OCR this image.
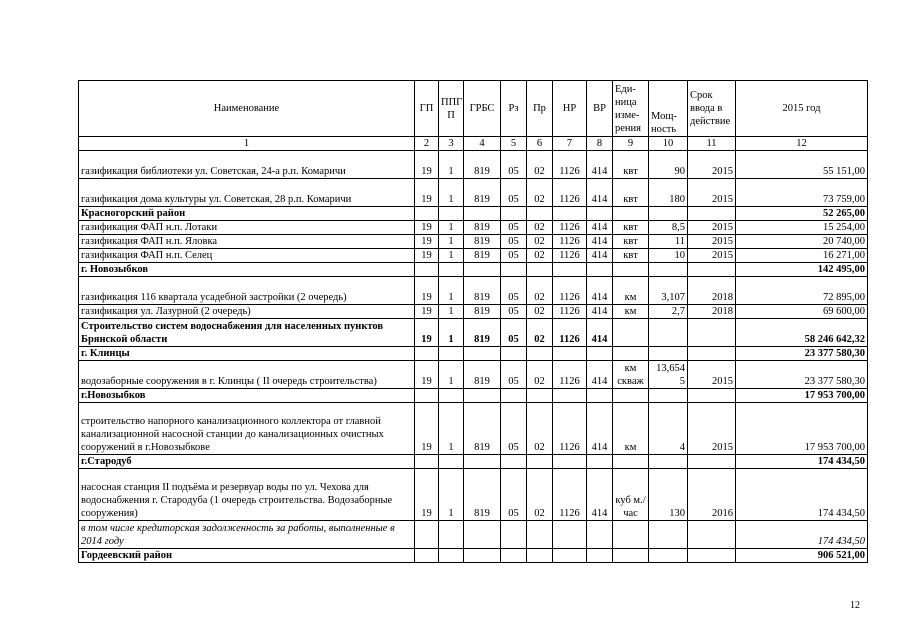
Наименование	ГП	ППГ П	ГРБС	Рз	Пр	НР	ВР	Еди-ница изме-рения	Мощ-ность	Срок ввода в действие	2015 год
1	2	3	4	5	6	7	8	9	10	11	12
газификация библиотеки ул. Советская, 24-а р.п. Комаричи	19	1	819	05	02	1126	414	квт	90	2015	55 151,00
газификация дома культуры ул. Советская, 28 р.п. Комаричи	19	1	819	05	02	1126	414	квт	180	2015	73 759,00
Красногорский район											52 265,00
газификация ФАП н.п. Лотаки	19	1	819	05	02	1126	414	квт	8,5	2015	15 254,00
газификация ФАП н.п. Яловка	19	1	819	05	02	1126	414	квт	11	2015	20 740,00
газификация ФАП н.п. Селец	19	1	819	05	02	1126	414	квт	10	2015	16 271,00
г. Новозыбков											142 495,00
газификация 116 квартала усадебной застройки (2 очередь)	19	1	819	05	02	1126	414	км	3,107	2018	72 895,00
газификация ул. Лазурной (2 очередь)	19	1	819	05	02	1126	414	км	2,7	2018	69 600,00
Строительство систем водоснабжения для населенных пунктов Брянской области	19	1	819	05	02	1126	414				58 246 642,32
г. Клинцы											23 377 580,30
водозаборные сооружения в г. Клинцы ( II очередь строительства)	19	1	819	05	02	1126	414	км скваж	13,654 5	2015	23 377 580,30
г.Новозыбков											17 953 700,00
строительство напорного канализационного коллектора от главной канализационной насосной станции до канализационных очистных сооружений в г.Новозыбкове	19	1	819	05	02	1126	414	км	4	2015	17 953 700,00
г.Стародуб											174 434,50
насосная станция II подъёма и резервуар воды по ул. Чехова для водоснабжения г. Стародуба (1 очередь строительства. Водозаборные сооружения)	19	1	819	05	02	1126	414	куб м./час	130	2016	174 434,50
в том числе кредиторская задолженность за работы, выполненные в 2014 году											174 434,50
Гордеевский район											906 521,00
12
